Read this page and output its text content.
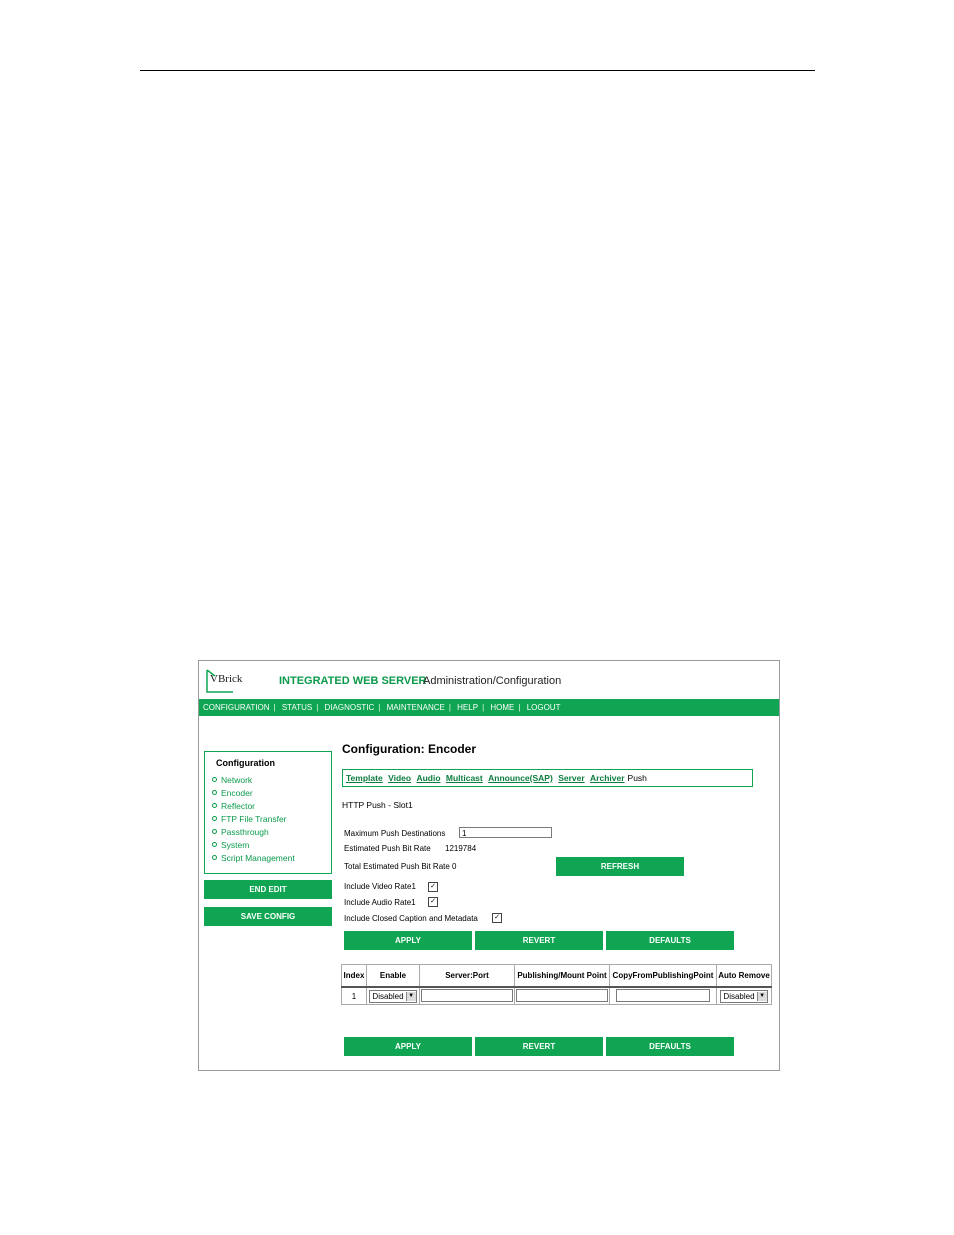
VBrick	INTEGRATED WEB SERVER
Administration/Configuration
CONFIGURATION | STATUS | DIAGNOSTIC | MAINTENANCE | HELP | HOME | LOGOUT
Configuration
Network
Encoder
Reflector
FTP File Transfer
Passthrough
System
Script Management
END EDIT
SAVE CONFIG
Configuration: Encoder
Template Video Audio Multicast Announce(SAP) Server Archiver Push
HTTP Push - Slot1
Maximum Push Destinations	1
Estimated Push Bit Rate 1219784
Total Estimated Push Bit Rate 0	REFRESH
Include Video Rate1 ✓
Include Audio Rate1 ✓
Include Closed Caption and Metadata ✓
APPLY	REVERT	DEFAULTS
Index	Enable	Server:Port	Publishing/Mount Point	CopyFromPublishingPoint	Auto Remove
1	Disabled ▼				Disabled ▼
APPLY	REVERT	DEFAULTS
